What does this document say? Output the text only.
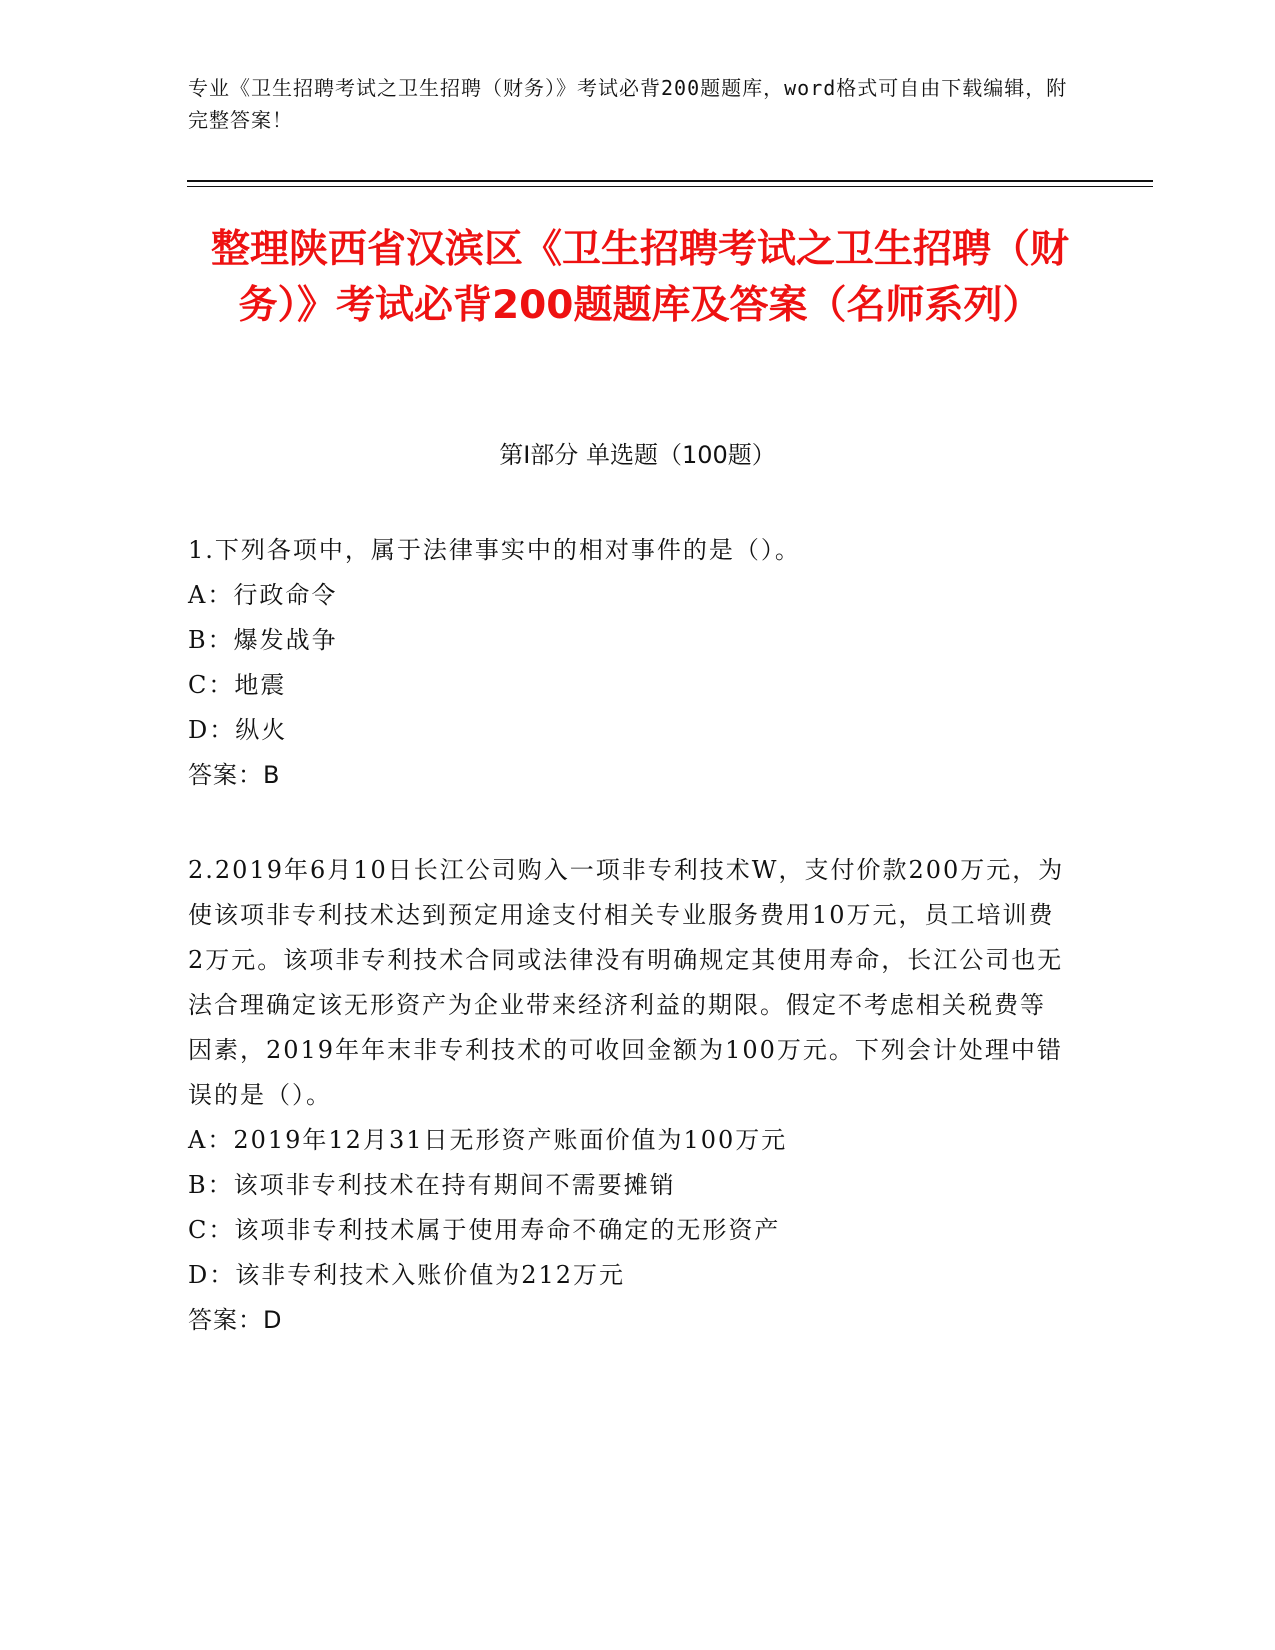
专业《卫生招聘考试之卫生招聘（财务）》考试必背200题题库，word格式可自由下载编辑，附完整答案！
整理陕西省汉滨区《卫生招聘考试之卫生招聘（财务）》考试必背200题题库及答案（名师系列）
第I部分 单选题（100题）
1.下列各项中，属于法律事实中的相对事件的是（）。
A：行政命令
B：爆发战争
C：地震
D：纵火
答案：B
2.2019年6月10日长江公司购入一项非专利技术W，支付价款200万元，为使该项非专利技术达到预定用途支付相关专业服务费用10万元，员工培训费2万元。该项非专利技术合同或法律没有明确规定其使用寿命，长江公司也无法合理确定该无形资产为企业带来经济利益的期限。假定不考虑相关税费等因素，2019年年末非专利技术的可收回金额为100万元。下列会计处理中错误的是（）。
A：2019年12月31日无形资产账面价值为100万元
B：该项非专利技术在持有期间不需要摊销
C：该项非专利技术属于使用寿命不确定的无形资产
D：该非专利技术入账价值为212万元
答案：D
